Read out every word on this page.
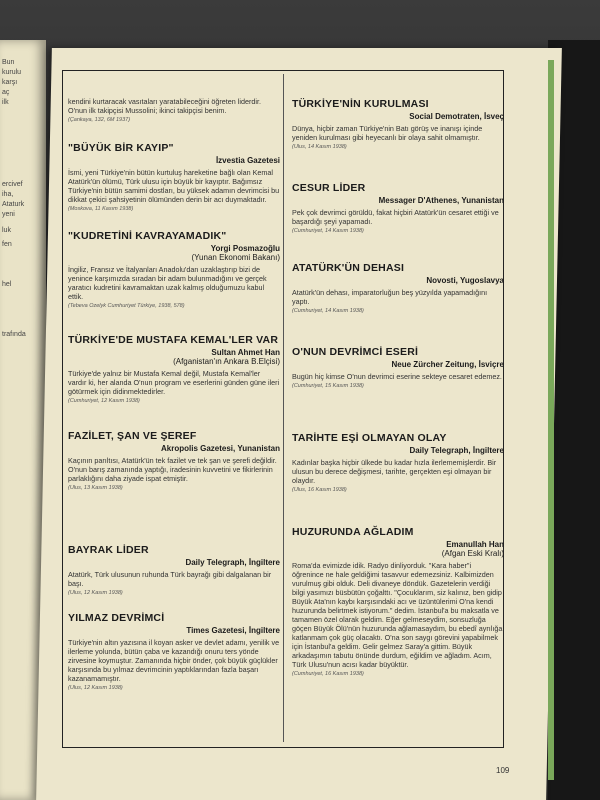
Bun
kurulu
karşı
aç
ilk
ercivef
iha,
Ataturk
yeni
luk
fen
hel
trafında
kendini kurtaracak vasıtaları yaratabileceğini öğreten liderdir. O'nun ilk takipçisi Mussolini; ikinci takipçisi benim.
(Çankaya, 132, 6M 1937)
"BÜYÜK BİR KAYIP"
İzvestia Gazetesi
İsmi, yeni Türkiye'nin bütün kurtuluş hareketine bağlı olan Kemal Atatürk'ün ölümü, Türk ulusu için büyük bir kayıptır. Bağımsız Türkiye'nin bütün samimi dostları, bu yüksek adamın devrimcisi bu dikkat çekici şahsiyetinin ölümünden derin bir acı duymaktadır.
(Moskova, 11 Kasım 1938)
"KUDRETİNİ KAVRAYAMADIK"
Yorgi Posmazoğlu
(Yunan Ekonomi Bakanı)
İngiliz, Fransız ve İtalyanları Anadolu'dan uzaklaştırıp bizi de yenince karşımızda sıradan bir adam bulunmadığını ve gerçek yaratıcı kudretini kavramaktan uzak kalmış olduğumuzu kabul ettik.
(Tebeva Ozelyk Cumhuriyet Türkiye, 1938, 578)
TÜRKİYE'DE MUSTAFA KEMAL'LER VAR
Sultan Ahmet Han
(Afganistan'ın Ankara B.Elçisi)
Türkiye'de yalnız bir Mustafa Kemal değil, Mustafa Kemal'ler vardır ki, her alanda O'nun program ve eserlerini günden güne ileri götürmek için didinmektedirler.
(Cumhuriyet, 12 Kasım 1938)
FAZİLET, ŞAN VE ŞEREF
Akropolis Gazetesi, Yunanistan
Kaçının parıltısı, Atatürk'ün tek fazilet ve tek şan ve şerefi değildir. O'nun barış zamanında yaptığı, iradesinin kuvvetini ve fikirlerinin parlaklığını daha ziyade ispat etmiştir.
(Ulus, 13 Kasım 1938)
BAYRAK LİDER
Daily Telegraph, İngiltere
Atatürk, Türk ulusunun ruhunda Türk bayrağı gibi dalgalanan bir başı.
(Ulus, 12 Kasım 1938)
YILMAZ DEVRİMCİ
Times Gazetesi, İngiltere
Türkiye'nin altın yazısına il koyan asker ve devlet adamı, yenilik ve ilerleme yolunda, bütün çaba ve kazandığı onuru ters yönde zirvesine koymuştur. Zamanında hiçbir önder, çok büyük güçlükler karşısında bu yılmaz devrimcinin yaptıklarından fazla başarı kazanamamıştır.
(Ulus, 12 Kasım 1938)
TÜRKİYE'NİN KURULMASI
Social Demotraten, İsveç
Dünya, hiçbir zaman Türkiye'nin Batı görüş ve inanışı içinde yeniden kurulması gibi heyecanlı bir olaya sahit olmamıştır.
(Ulus, 14 Kasım 1938)
CESUR LİDER
Messager D'Athenes, Yunanistan
Pek çok devrimci görüldü, fakat hiçbiri Atatürk'ün cesaret ettiği ve başardığı şeyi yapamadı.
(Cumhuriyet, 14 Kasım 1938)
ATATÜRK'ÜN DEHASI
Novosti, Yugoslavya
Atatürk'ün dehası, imparatorluğun beş yüzyılda yapamadığını yaptı.
(Cumhuriyet, 14 Kasım 1938)
O'NUN DEVRİMCİ ESERİ
Neue Zürcher Zeitung, İsviçre
Bugün hiç kimse O'nun devrimci eserine sekteye cesaret edemez.
(Cumhuriyet, 15 Kasım 1938)
TARİHTE EŞİ OLMAYAN OLAY
Daily Telegraph, İngiltere
Kadınlar başka hiçbir ülkede bu kadar hızla ilerlememişlerdir. Bir ulusun bu derece değişmesi, tarihte, gerçekten eşi olmayan bir olaydır.
(Ulus, 16 Kasım 1938)
HUZURUNDA AĞLADIM
Emanullah Han
(Afgan Eski Kralı)
Roma'da evimizde idik. Radyo dinliyorduk. "Kara haber"i öğrenince ne hale geldiğimi tasavvur edemezsiniz. Kalbimizden vurulmuş gibi olduk. Deli divaneye döndük. Gazetelerin verdiği bilgi yasımızı büsbütün çoğalttı. "Çocuklarım, siz kalınız, ben gidip Büyük Ata'nın kaybı karşısındaki acı ve üzüntülerimi O'na kendi huzurunda belirtmek istiyorum." dedim. İstanbul'a bu maksatla ve tamamen özel olarak geldim. Eğer gelmeseydim, sonsuzluğa göçen Büyük Ölü'nün huzurunda ağlamasaydım, bu ebedî ayrılığa katlanmam çok güç olacaktı. O'na son saygı görevini yapabilmek için İstanbul'a geldim. Gelir gelmez Saray'a gittim. Büyük arkadaşımın tabutu önünde durdum, eğildim ve ağladım. Acım, Türk Ulusu'nun acısı kadar büyüktür.
(Cumhuriyet, 16 Kasım 1938)
109
